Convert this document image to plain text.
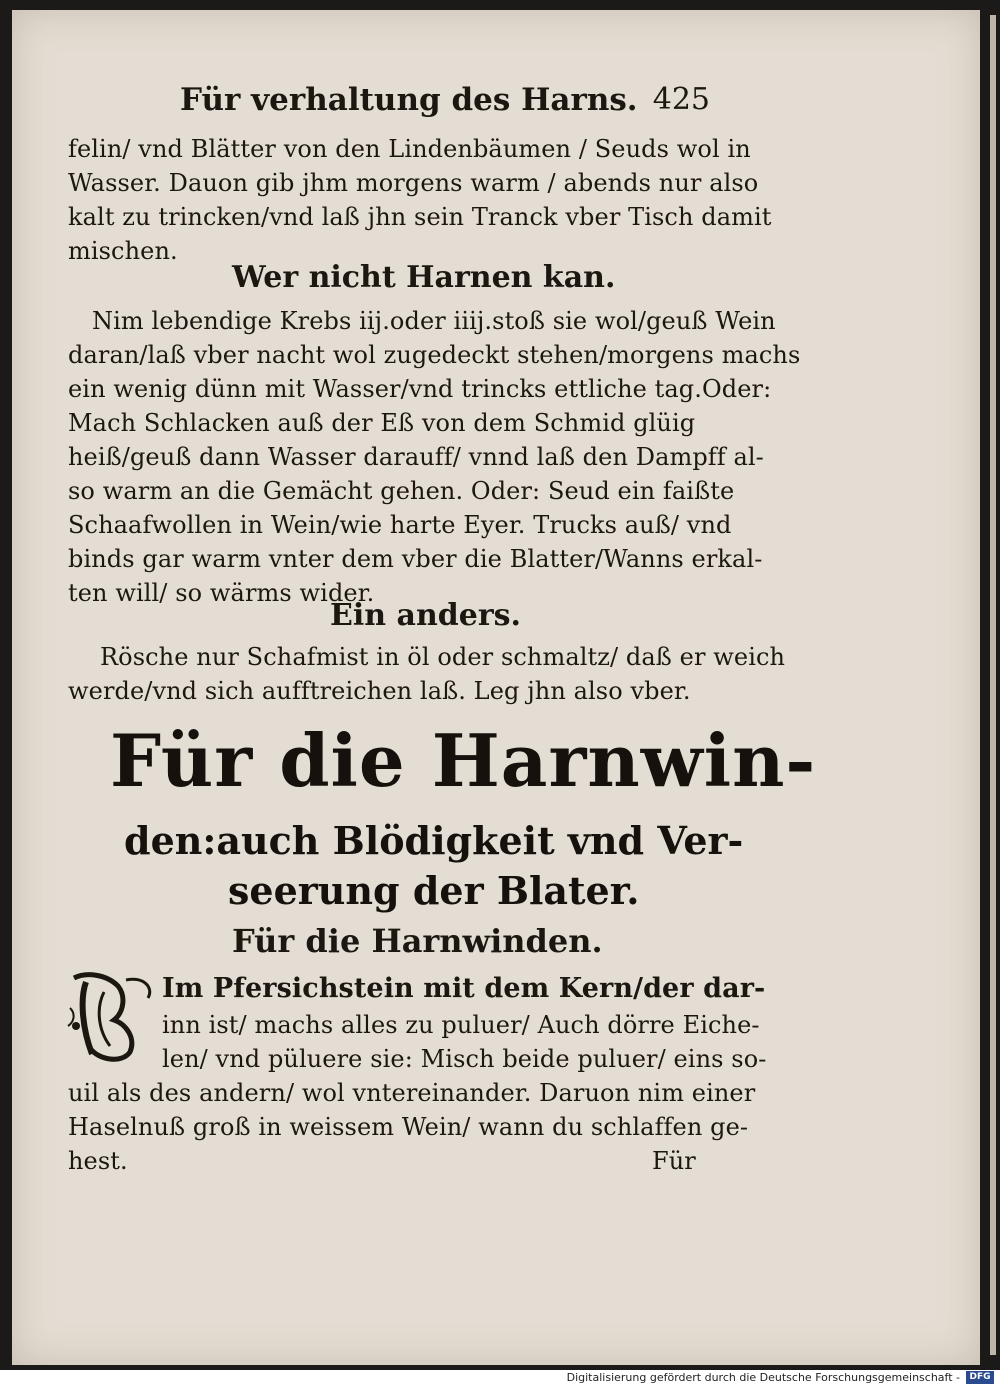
Für verhaltung des Harns. 425
felin/ vnd Blätter von den Lindenbäumen / Seuds wol in
Wasser. Dauon gib jhm morgens warm / abends nur also
kalt zu trincken/vnd laß jhn sein Tranck vber Tisch damit
mischen.
Wer nicht Harnen kan.
Nim lebendige Krebs iij.oder iiij.stoß sie wol/geuß Wein
daran/laß vber nacht wol zugedeckt stehen/morgens machs
ein wenig dünn mit Wasser/vnd trincks ettliche tag.Oder:
Mach Schlacken auß der Eß von dem Schmid glüig
heiß/geuß dann Wasser darauff/ vnnd laß den Dampff al-
so warm an die Gemächt gehen. Oder: Seud ein faißte
Schaafwollen in Wein/wie harte Eyer. Trucks auß/ vnd
binds gar warm vnter dem vber die Blatter/Wanns erkal-
ten will/ so wärms wider.
Ein anders.
Rösche nur Schafmist in öl oder schmaltz/ daß er weich
werde/vnd sich aufftreichen laß. Leg jhn also vber.
Für die Harnwin-
den:auch Blödigkeit vnd Ver-
seerung der Blater.
Für die Harnwinden.
Im Pfersichstein mit dem Kern/der dar-
inn ist/ machs alles zu puluer/ Auch dörre Eiche-
len/ vnd püluere sie: Misch beide puluer/ eins so-
uil als des andern/ wol vntereinander. Daruon nim einer
Haselnuß groß in weissem Wein/ wann du schlaffen ge-
hest.	Für
Digitalisierung gefördert durch die Deutsche Forschungsgemeinschaft -	DFG
